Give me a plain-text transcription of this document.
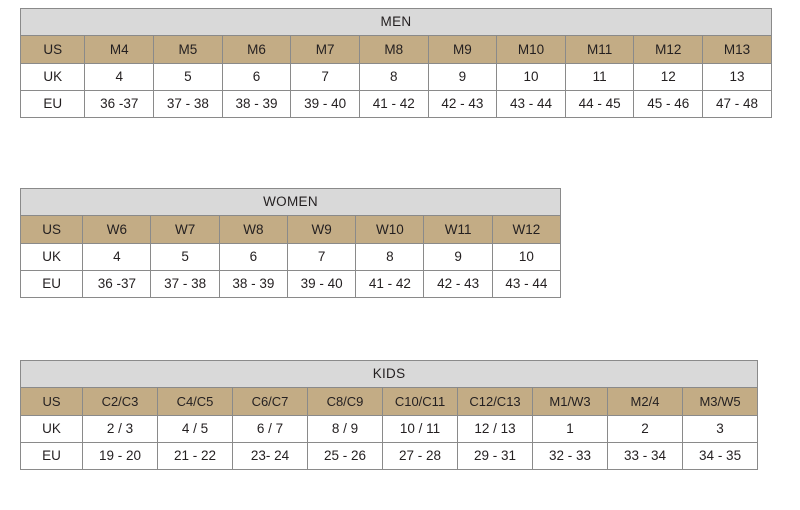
MEN										
US	M4	M5	M6	M7	M8	M9	M10	M11	M12	M13
UK	4	5	6	7	8	9	10	11	12	13
EU	36 -37	37 - 38	38 - 39	39 - 40	41 - 42	42 - 43	43 - 44	44 - 45	45 - 46	47 - 48
WOMEN							
US	W6	W7	W8	W9	W10	W11	W12
UK	4	5	6	7	8	9	10
EU	36 -37	37 - 38	38 - 39	39 - 40	41 - 42	42 - 43	43 - 44
KIDS									
US	C2/C3	C4/C5	C6/C7	C8/C9	C10/C11	C12/C13	M1/W3	M2/4	M3/W5
UK	2 / 3	4 / 5	6 / 7	8 / 9	10 / 11	12 / 13	1	2	3
EU	19 - 20	21 - 22	23- 24	25 - 26	27 - 28	29 - 31	32 - 33	33 - 34	34 - 35
